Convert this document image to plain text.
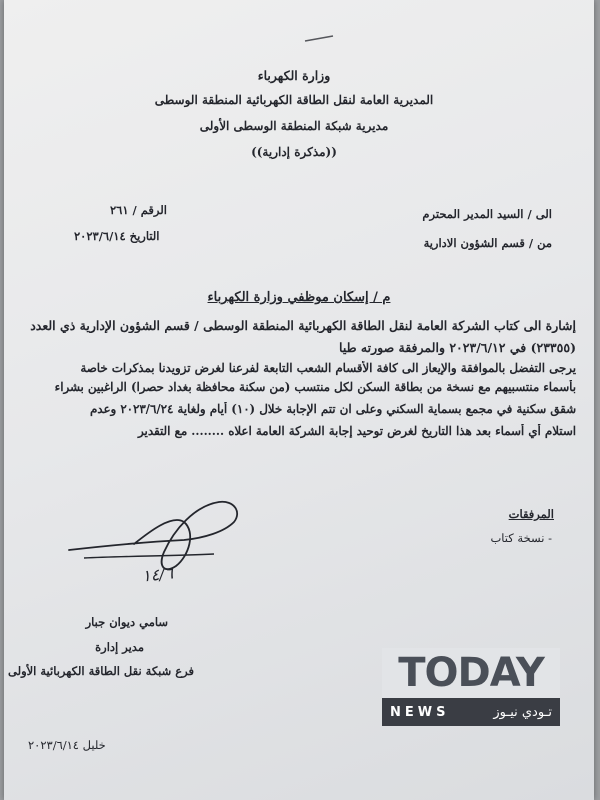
وزارة الكهرباء
المديرية العامة لنقل الطاقة الكهربائية المنطقة الوسطى
مديرية شبكة المنطقة الوسطى الأولى
((مذكرة إدارية))
الى / السيد المدير المحترم
من / قسم الشؤون الادارية
الرقم / ٢٦١
التاريخ ٢٠٢٣/٦/١٤
م / إسكان موظفي وزارة الكهرباء
إشارة الى كتاب الشركة العامة لنقل الطاقة الكهربائية المنطقة الوسطى / قسم الشؤون الإدارية ذي العدد
(٢٣٣٥٥) في ٢٠٢٣/٦/١٢ والمرفقة صورته طيا
يرجى التفضل بالموافقة والإيعاز الى كافة الأقسام الشعب التابعة لفرعنا لغرض تزويدنا بمذكرات خاصة
بأسماء منتسبيهم مع نسخة من بطاقة السكن لكل منتسب (من سكنة محافظة بغداد حصرا) الراغبين بشراء
شقق سكنية في مجمع بسماية السكني وعلى ان تتم الإجابة خلال (١٠) أيام ولغاية ٢٠٢٣/٦/٢٤ وعدم
استلام أي أسماء بعد هذا التاريخ لغرض توحيد إجابة الشركة العامة اعلاه ........ مع التقدير
المرفقات
- نسخة كتاب
١٤/٦
سامي ديوان جبار
مدير إدارة
فرع شبكة نقل الطاقة الكهربائية الأولى
خليل ٢٠٢٣/٦/١٤
TODAY
NEWS	تـودي نيـوز
